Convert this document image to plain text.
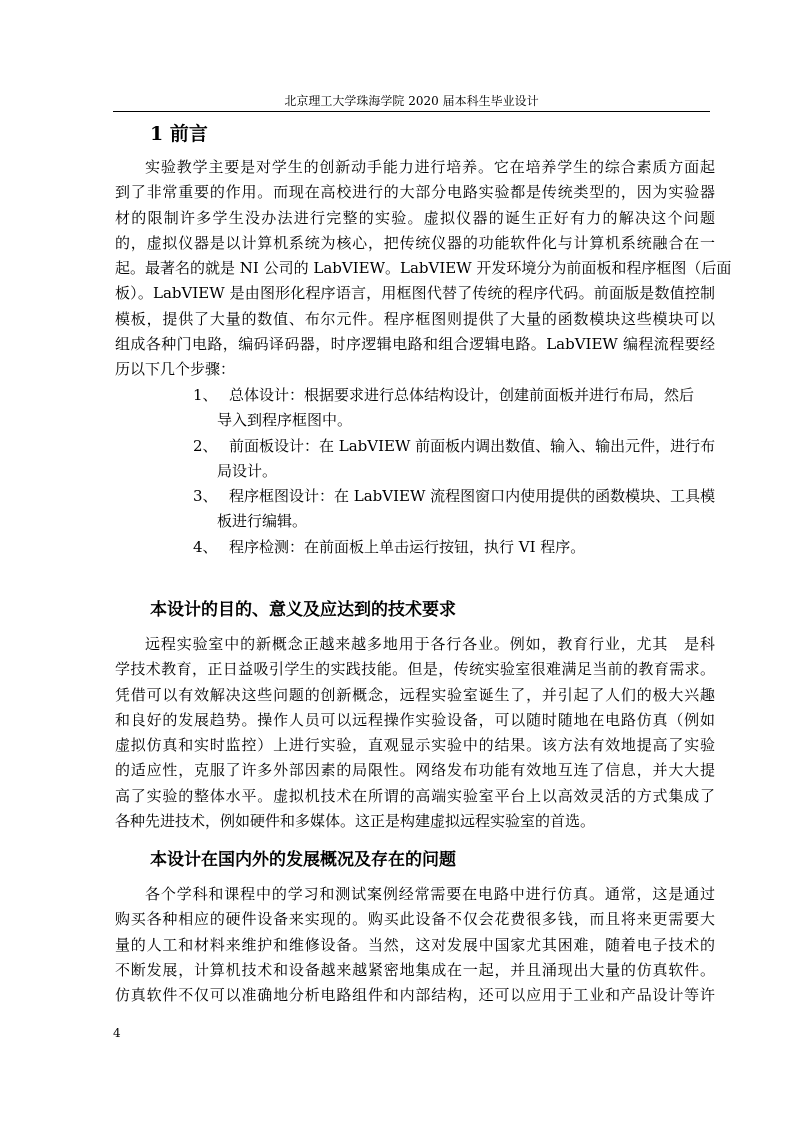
北京理工大学珠海学院 2020 届本科生毕业设计
1 前言
实验教学主要是对学生的创新动手能力进行培养。它在培养学生的综合素质方面起
到了非常重要的作用。而现在高校进行的大部分电路实验都是传统类型的，因为实验器
材的限制许多学生没办法进行完整的实验。虚拟仪器的诞生正好有力的解决这个问题
的，虚拟仪器是以计算机系统为核心，把传统仪器的功能软件化与计算机系统融合在一
起。最著名的就是 NI 公司的 LabVIEW。LabVIEW 开发环境分为前面板和程序框图（后面
板）。LabVIEW 是由图形化程序语言，用框图代替了传统的程序代码。前面版是数值控制
模板，提供了大量的数值、布尔元件。程序框图则提供了大量的函数模块这些模块可以
组成各种门电路，编码译码器，时序逻辑电路和组合逻辑电路。LabVIEW 编程流程要经
历以下几个步骤：
1、 总体设计：根据要求进行总体结构设计，创建前面板并进行布局，然后
导入到程序框图中。
2、 前面板设计：在 LabVIEW 前面板内调出数值、输入、输出元件，进行布
局设计。
3、 程序框图设计：在 LabVIEW 流程图窗口内使用提供的函数模块、工具模
板进行编辑。
4、 程序检测：在前面板上单击运行按钮，执行 VI 程序。
本设计的目的、意义及应达到的技术要求
远程实验室中的新概念正越来越多地用于各行各业。例如，教育行业，尤其　是科
学技术教育，正日益吸引学生的实践技能。但是，传统实验室很难满足当前的教育需求。
凭借可以有效解决这些问题的创新概念，远程实验室诞生了，并引起了人们的极大兴趣
和良好的发展趋势。操作人员可以远程操作实验设备，可以随时随地在电路仿真（例如
虚拟仿真和实时监控）上进行实验，直观显示实验中的结果。该方法有效地提高了实验
的适应性，克服了许多外部因素的局限性。网络发布功能有效地互连了信息，并大大提
高了实验的整体水平。虚拟机技术在所谓的高端实验室平台上以高效灵活的方式集成了
各种先进技术，例如硬件和多媒体。这正是构建虚拟远程实验室的首选。
本设计在国内外的发展概况及存在的问题
各个学科和课程中的学习和测试案例经常需要在电路中进行仿真。通常，这是通过
购买各种相应的硬件设备来实现的。购买此设备不仅会花费很多钱，而且将来更需要大
量的人工和材料来维护和维修设备。当然，这对发展中国家尤其困难，随着电子技术的
不断发展，计算机技术和设备越来越紧密地集成在一起，并且涌现出大量的仿真软件。
仿真软件不仅可以准确地分析电路组件和内部结构，还可以应用于工业和产品设计等许
4
